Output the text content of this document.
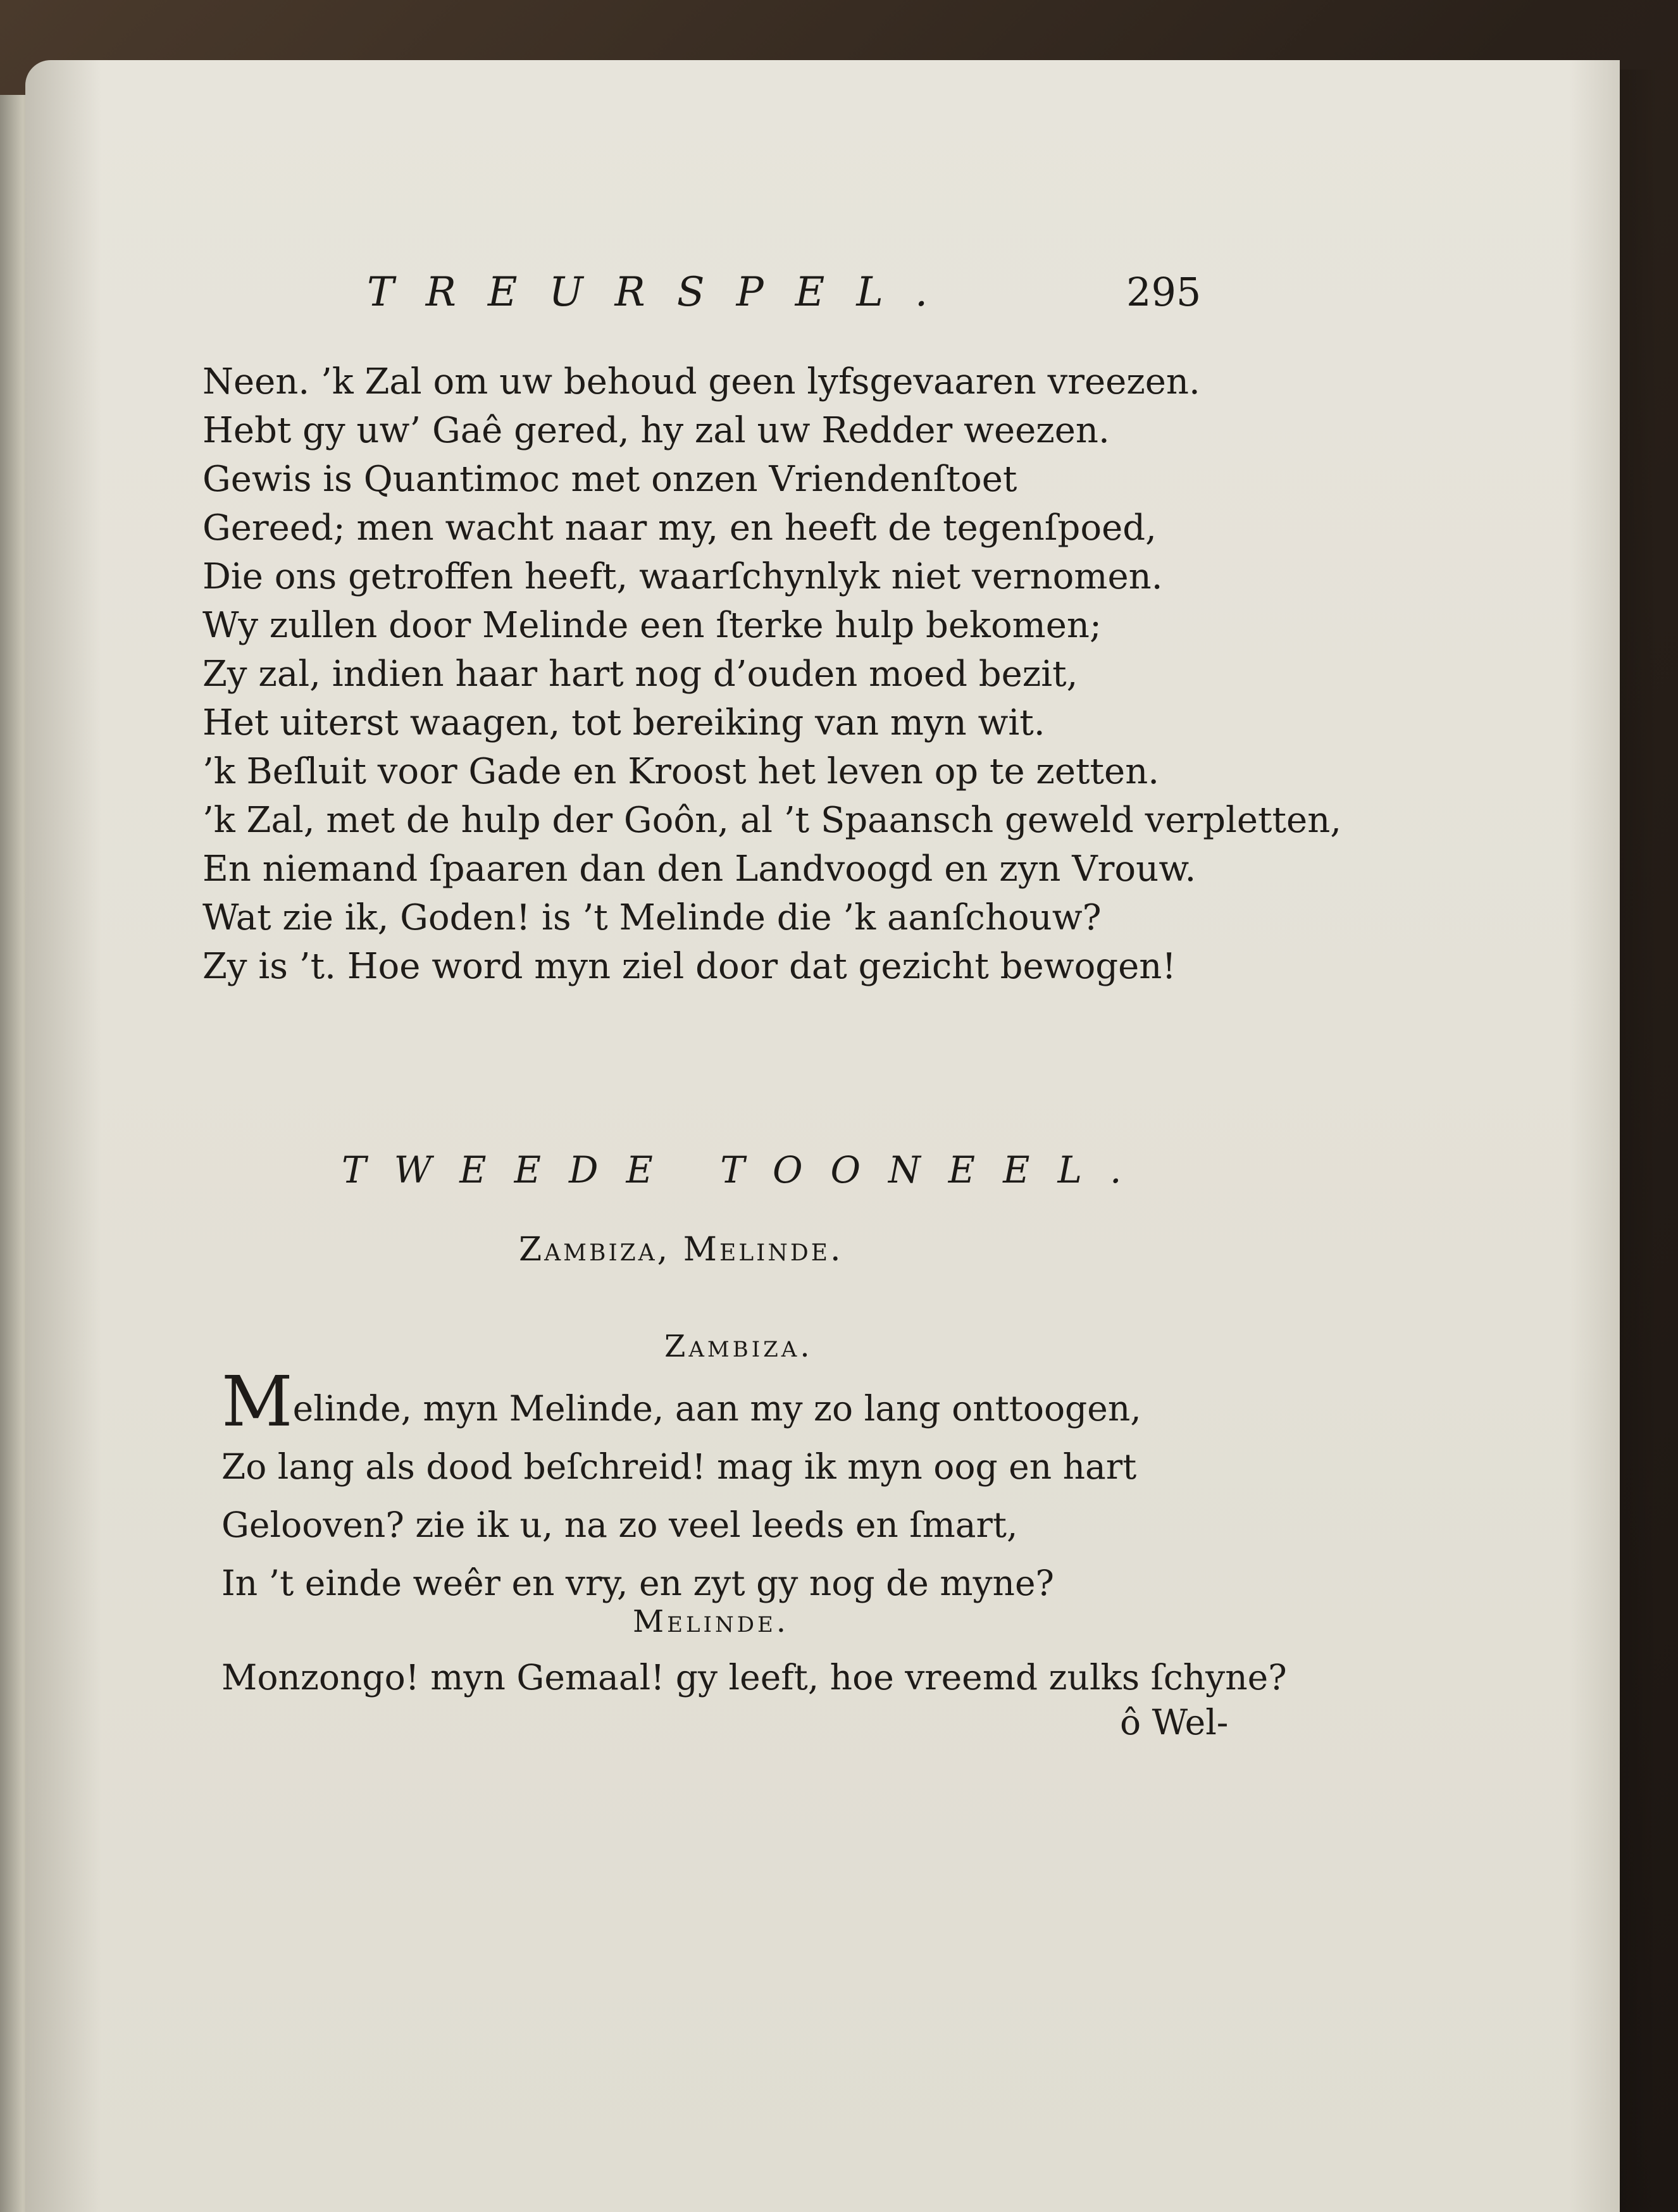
TREURSPEL.	295
Neen. ’k Zal om uw behoud geen lyfsgevaaren vreezen.
Hebt gy uw’ Gaê gered, hy zal uw Redder weezen.
Gewis is Quantimoc met onzen Vriendenſtoet
Gereed; men wacht naar my, en heeft de tegenſpoed,
Die ons getroffen heeft, waarſchynlyk niet vernomen.
Wy zullen door Melinde een ſterke hulp bekomen;
Zy zal, indien haar hart nog d’ouden moed bezit,
Het uiterst waagen, tot bereiking van myn wit.
’k Beſluit voor Gade en Kroost het leven op te zetten.
’k Zal, met de hulp der Goôn, al ’t Spaansch geweld verpletten,
En niemand ſpaaren dan den Landvoogd en zyn Vrouw.
Wat zie ik, Goden! is ’t Melinde die ’k aanſchouw?
Zy is ’t. Hoe word myn ziel door dat gezicht bewogen!
TWEEDE TOONEEL.
Zambiza, Melinde.
Zambiza.
Melinde, myn Melinde, aan my zo lang onttoogen,
Zo lang als dood beſchreid! mag ik myn oog en hart
Gelooven? zie ik u, na zo veel leeds en ſmart,
In ’t einde weêr en vry, en zyt gy nog de myne?
Melinde.
Monzongo! myn Gemaal! gy leeft, hoe vreemd zulks ſchyne?
ô Wel-
